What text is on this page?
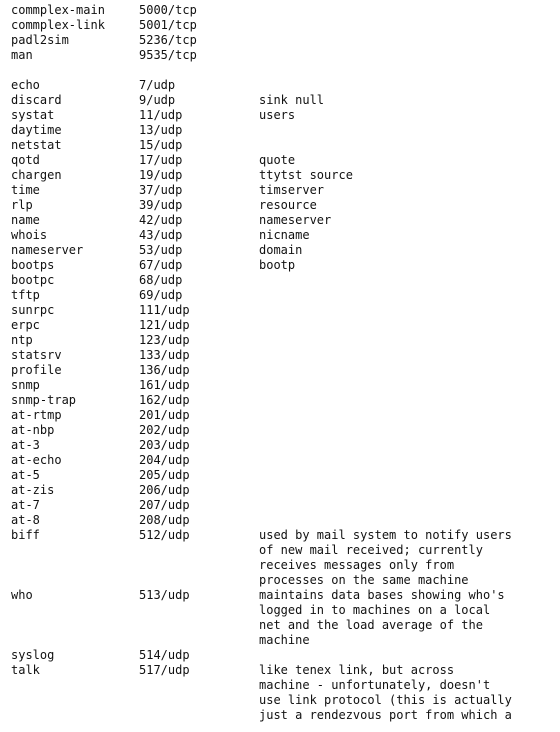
commplex-main	5000/tcp
commplex-link	5001/tcp
padl2sim	5236/tcp
man	9535/tcp
echo	7/udp
discard	9/udp	sink null
systat	11/udp	users
daytime	13/udp
netstat	15/udp
qotd	17/udp	quote
chargen	19/udp	ttytst source
time	37/udp	timserver
rlp	39/udp	resource
name	42/udp	nameserver
whois	43/udp	nicname
nameserver	53/udp	domain
bootps	67/udp	bootp
bootpc	68/udp
tftp	69/udp
sunrpc	111/udp
erpc	121/udp
ntp	123/udp
statsrv	133/udp
profile	136/udp
snmp	161/udp
snmp-trap	162/udp
at-rtmp	201/udp
at-nbp	202/udp
at-3	203/udp
at-echo	204/udp
at-5	205/udp
at-zis	206/udp
at-7	207/udp
at-8	208/udp
biff	512/udp	used by mail system to notify users
of new mail received; currently
receives messages only from
processes on the same machine
who	513/udp	maintains data bases showing who's
logged in to machines on a local
net and the load average of the
machine
syslog	514/udp
talk	517/udp	like tenex link, but across
machine - unfortunately, doesn't
use link protocol (this is actually
just a rendezvous port from which a
